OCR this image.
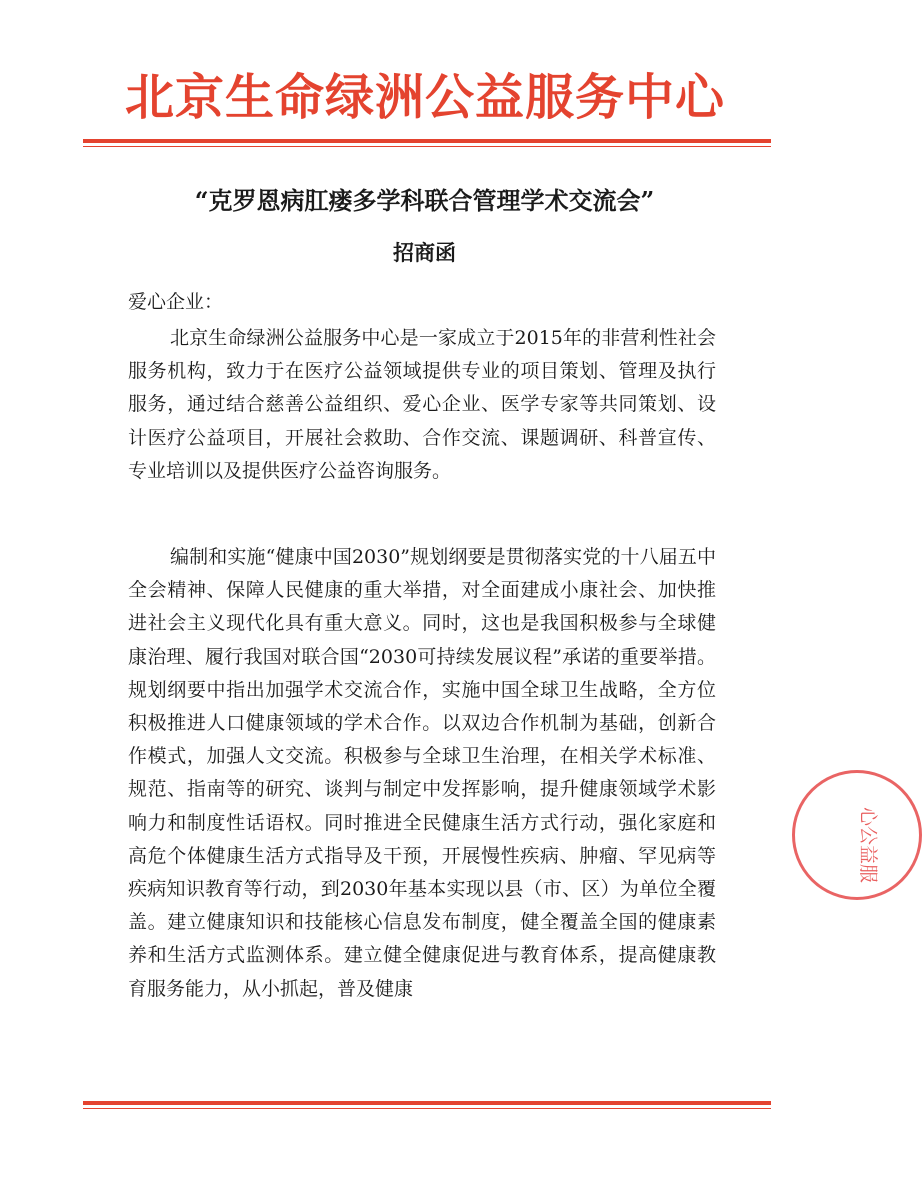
北京生命绿洲公益服务中心
“克罗恩病肛瘘多学科联合管理学术交流会”
招商函
爱心企业：

北京生命绿洲公益服务中心是一家成立于2015年的非营利性社会服务机构，致力于在医疗公益领域提供专业的项目策划、管理及执行服务，通过结合慈善公益组织、爱心企业、医学专家等共同策划、设计医疗公益项目，开展社会救助、合作交流、课题调研、科普宣传、专业培训以及提供医疗公益咨询服务。

编制和实施“健康中国2030”规划纲要是贯彻落实党的十八届五中全会精神、保障人民健康的重大举措，对全面建成小康社会、加快推进社会主义现代化具有重大意义。同时，这也是我国积极参与全球健康治理、履行我国对联合国“2030可持续发展议程”承诺的重要举措。规划纲要中指出加强学术交流合作，实施中国全球卫生战略，全方位积极推进人口健康领域的学术合作。以双边合作机制为基础，创新合作模式，加强人文交流。积极参与全球卫生治理，在相关学术标准、规范、指南等的研究、谈判与制定中发挥影响，提升健康领域学术影响力和制度性话语权。同时推进全民健康生活方式行动，强化家庭和高危个体健康生活方式指导及干预，开展慢性疾病、肿瘤、罕见病等疾病知识教育等行动，到2030年基本实现以县（市、区）为单位全覆盖。建立健康知识和技能核心信息发布制度，健全覆盖全国的健康素养和生活方式监测体系。建立健全健康促进与教育体系，提高健康教育服务能力，从小抓起，普及健康

心公益服
